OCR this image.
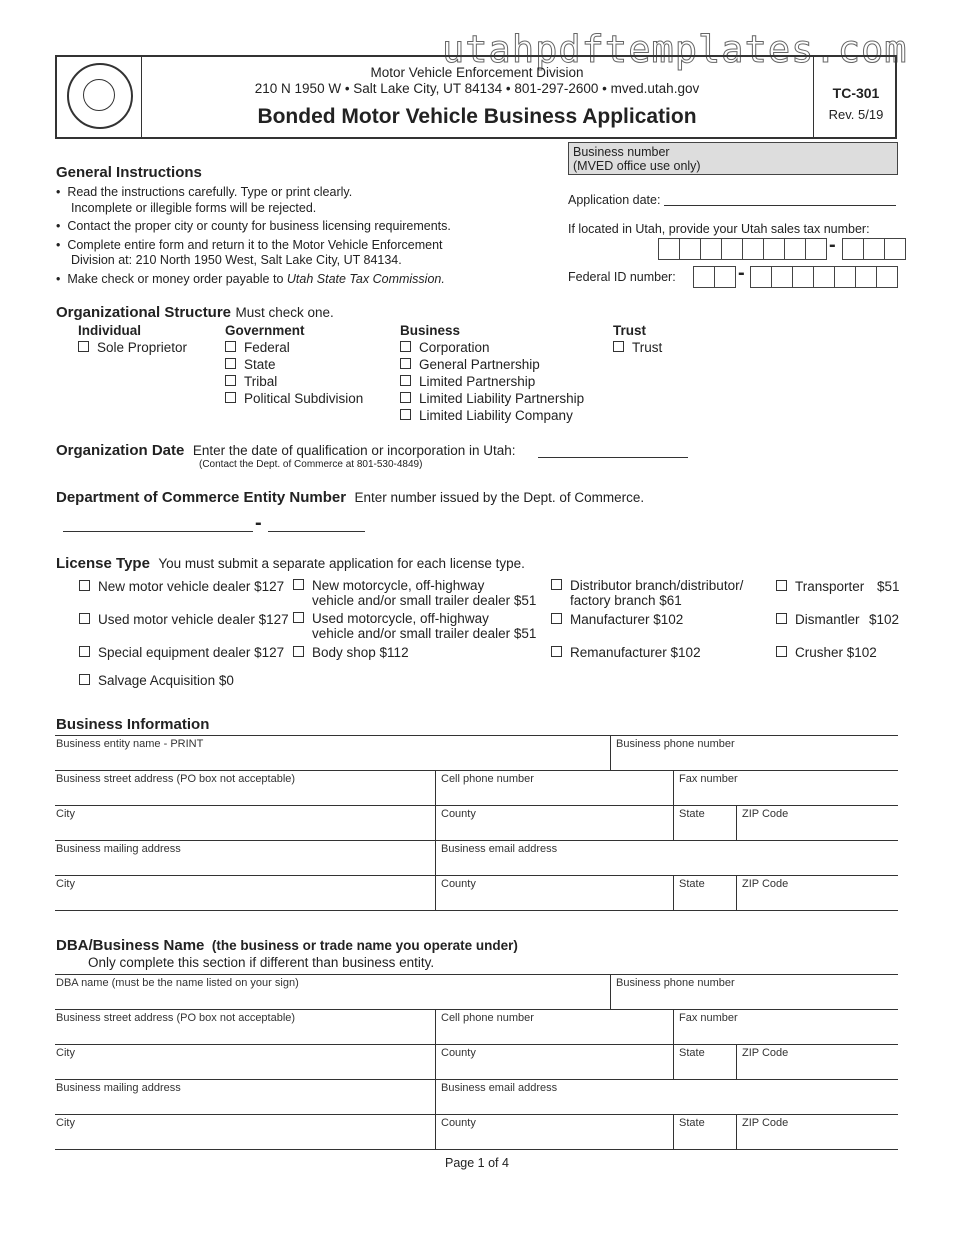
utahpdftemplates.com
Motor Vehicle Enforcement Division
210 N 1950 W • Salt Lake City, UT 84134 • 801-297-2600 • mved.utah.gov
Bonded Motor Vehicle Business Application
TC-301
Rev. 5/19
Business number
(MVED office use only)
General Instructions
•  Read the instructions carefully. Type or print clearly.
Incomplete or illegible forms will be rejected.
•  Contact the proper city or county for business licensing requirements.
•  Complete entire form and return it to the Motor Vehicle Enforcement
Division at: 210 North 1950 West, Salt Lake City, UT 84134.
•  Make check or money order payable to Utah State Tax Commission.
Application date:
If located in Utah, provide your Utah sales tax number:
-
Federal ID number:	-
Organizational Structure Must check one.
Individual
Sole Proprietor
Government
Federal
State
Tribal
Political Subdivision
Business
Corporation
General Partnership
Limited Partnership
Limited Liability Partnership
Limited Liability Company
Trust
Trust
Organization Date Enter the date of qualification or incorporation in Utah:
(Contact the Dept. of Commerce at 801-530-4849)
Department of Commerce Entity Number Enter number issued by the Dept. of Commerce.
-
License Type You must submit a separate application for each license type.
New motor vehicle dealer $127
Used motor vehicle dealer $127
Special equipment dealer $127
Salvage Acquisition $0
New motorcycle, off-highway
vehicle and/or small trailer dealer $51
Used motorcycle, off-highway
vehicle and/or small trailer dealer $51
Body shop $112
Distributor branch/distributor/
factory branch $61
Manufacturer $102
Remanufacturer $102
Transporter $51
Dismantler $102
Crusher $102
Business Information
Business entity name - PRINT	Business phone number
Business street address (PO box not acceptable)	Cell phone number	Fax number
City	County	State	ZIP Code
Business mailing address	Business email address
City	County	State	ZIP Code
DBA/Business Name (the business or trade name you operate under)
Only complete this section if different than business entity.
DBA name (must be the name listed on your sign)	Business phone number
Business street address (PO box not acceptable)	Cell phone number	Fax number
City	County	State	ZIP Code
Business mailing address	Business email address
City	County	State	ZIP Code
Page 1 of 4
